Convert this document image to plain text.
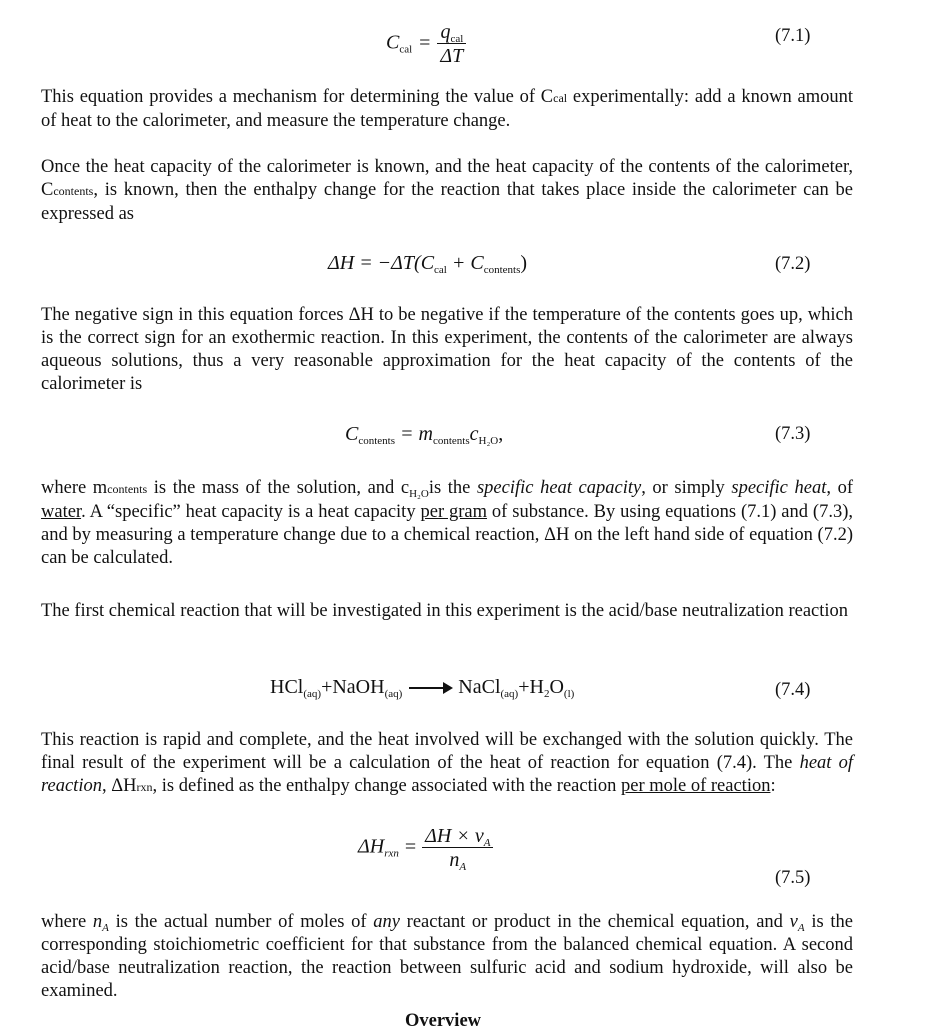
$C_{cal} = \frac{q_{cal}}{\Delta T}$	(7.1)

This equation provides a mechanism for determining the value of Ccal experimentally: add a known amount of heat to the calorimeter, and measure the temperature change.

Once the heat capacity of the calorimeter is known, and the heat capacity of the contents of the calorimeter, Ccontents, is known, then the enthalpy change for the reaction that takes place inside the calorimeter can be expressed as

$\Delta H = -\Delta T(C_{cal} + C_{contents})$	(7.2)

The negative sign in this equation forces ΔH to be negative if the temperature of the contents goes up, which is the correct sign for an exothermic reaction. In this experiment, the contents of the calorimeter are always aqueous solutions, thus a very reasonable approximation for the heat capacity of the contents of the calorimeter is

$C_{contents} = m_{contents}c_{H_2O}$,	(7.3)

where mcontents is the mass of the solution, and $c_{H_2O}is$ the specific heat capacity, or simply specific heat, of water. A “specific” heat capacity is a heat capacity per gram of substance. By using equations (7.1) and (7.3), and by measuring a temperature change due to a chemical reaction, ΔH on the left hand side of equation (7.2) can be calculated.

The first chemical reaction that will be investigated in this experiment is the acid/base neutralization reaction

HCl$_{(aq)}$+NaOH$_{(aq)}$ → $NaCl_{(aq)}+H_2O_{(l)}$	(7.4)

This reaction is rapid and complete, and the heat involved will be exchanged with the solution quickly. The final result of the experiment will be a calculation of the heat of reaction for equation (7.4). The heat of reaction, ΔHrxn, is defined as the enthalpy change associated with the reaction per mole of reaction:

$\Delta H_{rxn} = \frac{\Delta H \times \nu_A}{n_A}$
(7.5)

where $n_A$ is the actual number of moles of any reactant or product in the chemical equation, and $\nu_A$ is the corresponding stoichiometric coefficient for that substance from the balanced chemical equation. A second acid/base neutralization reaction, the reaction between sulfuric acid and sodium hydroxide, will also be examined.

Overview
